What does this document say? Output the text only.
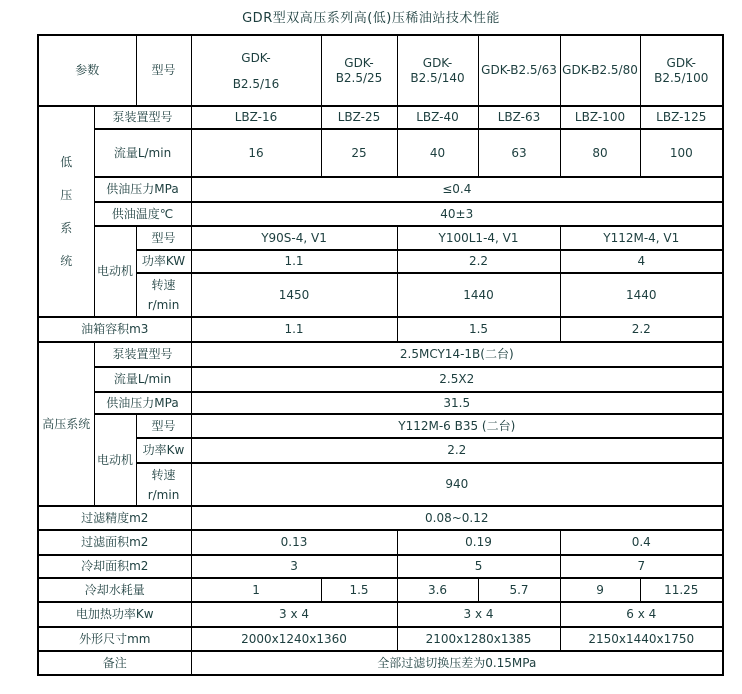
GDR型双高压系列高(低)压稀油站技术性能
参数		型号	GDK-
B2.5/16	GDK-B2.5/25	GDK-B2.5/140	GDK-B2.5/63	GDK-B2.5/80	GDK-B2.5/100

低压系统	泵装置型号		LBZ-16	LBZ-25	LBZ-40	LBZ-63	LBZ-100	LBZ-125
	流量L/min		16	25	40	63	80	100
	供油压力MPa		≤0.4					
	供油温度℃		40±3					
	电动机	型号	Y90S-4, V1		Y100L1-4, V1		Y112M-4, V1	
		功率KW	1.1		2.2		4	

		转速
r/min	1450		1440		1440	
油箱容积m3			1.1		1.5		2.2	
高压系统	泵装置型号		2.5MCY14-1B(二台)					
	流量L/min		2.5X2					
	供油压力MPa		31.5					
	电动机	型号	Y112M-6 B35 (二台)					
		功率Kw	2.2					

		转速
r/min	940					
过滤精度m2			0.08~0.12					
过滤面积m2			0.13		0.19		0.4	
冷却面积m2			3		5		7	
冷却水耗量			1	1.5	3.6	5.7	9	11.25
电加热功率Kw			3 x 4		3 x 4		6 x 4	
外形尺寸mm			2000x1240x1360		2100x1280x1385		2150x1440x1750	
备注			全部过滤切换压差为0.15MPa					
